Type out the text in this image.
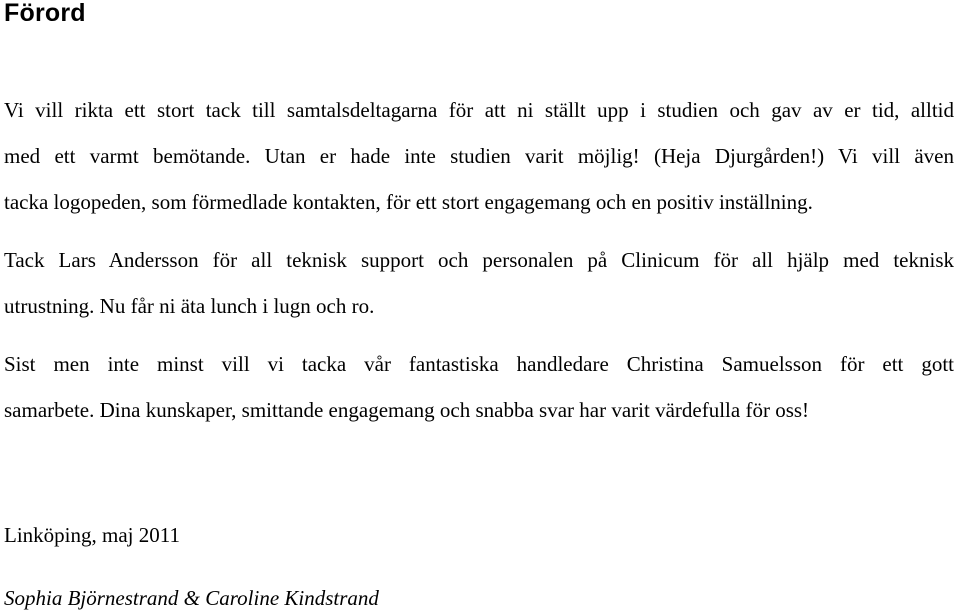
Förord

Vi vill rikta ett stort tack till samtalsdeltagarna för att ni ställt upp i studien och gav av er tid, alltid
med ett varmt bemötande. Utan er hade inte studien varit möjlig! (Heja Djurgården!) Vi vill även
tacka logopeden, som förmedlade kontakten, för ett stort engagemang och en positiv inställning.

Tack Lars Andersson för all teknisk support och personalen på Clinicum för all hjälp med teknisk
utrustning. Nu får ni äta lunch i lugn och ro.

Sist men inte minst vill vi tacka vår fantastiska handledare Christina Samuelsson för ett gott
samarbete. Dina kunskaper, smittande engagemang och snabba svar har varit värdefulla för oss!

Linköping, maj 2011

Sophia Björnestrand & Caroline Kindstrand
